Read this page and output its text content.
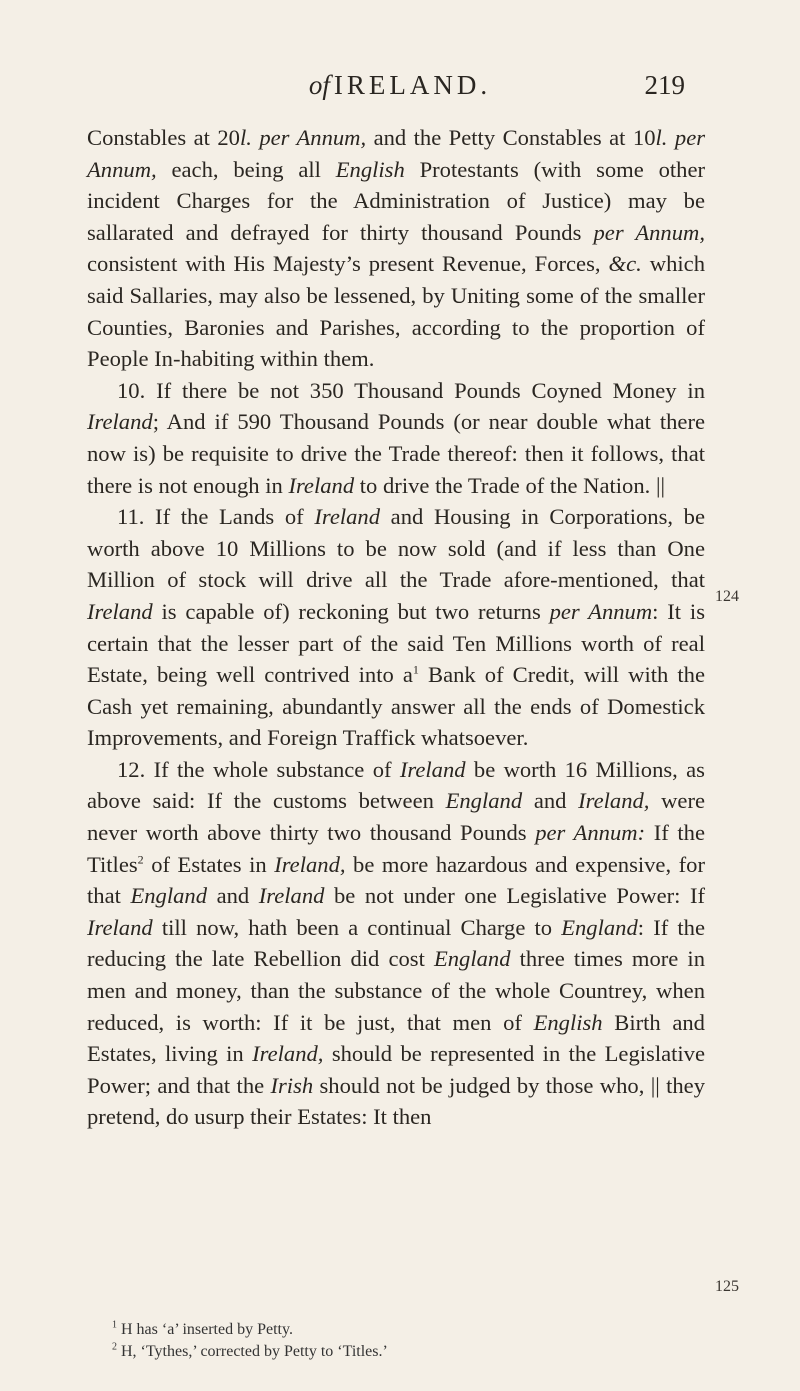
of IRELAND.	219
124
125

Constables at 20l. per Annum, and the Petty Constables at 10l. per Annum, each, being all English Protestants (with some other incident Charges for the Administration of Justice) may be sallarated and defrayed for thirty thousand Pounds per Annum, consistent with His Majesty’s present Revenue, Forces, &c. which said Sallaries, may also be lessened, by Uniting some of the smaller Counties, Baronies and Parishes, according to the proportion of People In-habiting within them.

10. If there be not 350 Thousand Pounds Coyned Money in Ireland; And if 590 Thousand Pounds (or near double what there now is) be requisite to drive the Trade thereof: then it follows, that there is not enough in Ireland to drive the Trade of the Nation. ||

11. If the Lands of Ireland and Housing in Corporations, be worth above 10 Millions to be now sold (and if less than One Million of stock will drive all the Trade afore-mentioned, that Ireland is capable of) reckoning but two returns per Annum: It is certain that the lesser part of the said Ten Millions worth of real Estate, being well contrived into $a^1$ Bank of Credit, will with the Cash yet remaining, abundantly answer all the ends of Domestick Improvements, and Foreign Traffick whatsoever.

12. If the whole substance of Ireland be worth 16 Millions, as above said: If the customs between England and Ireland, were never worth above thirty two thousand Pounds per Annum: If the Titles$^2$ of Estates in Ireland, be more hazardous and expensive, for that England and Ireland be not under one Legislative Power: If Ireland till now, hath been a continual Charge to England: If the reducing the late Rebellion did cost England three times more in men and money, than the substance of the whole Countrey, when reduced, is worth: If it be just, that men of English Birth and Estates, living in Ireland, should be represented in the Legislative Power; and that the Irish should not be judged by those who, || they pretend, do usurp their Estates: It then

$^1$ H has ‘a’ inserted by Petty.

$^2$ H, ‘Tythes,’ corrected by Petty to ‘Titles.’
